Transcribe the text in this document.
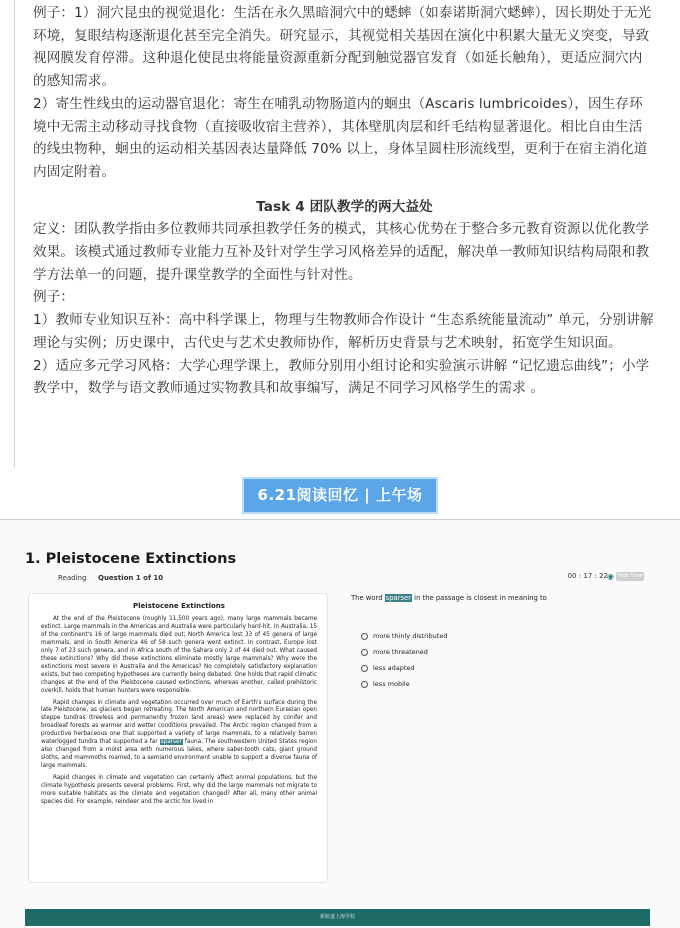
例子：1）洞穴昆虫的视觉退化：生活在永久黑暗洞穴中的蟋蟀（如泰诺斯洞穴蟋蟀），因长期处于无光环境，复眼结构逐渐退化甚至完全消失。研究显示，其视觉相关基因在演化中积累大量无义突变，导致视网膜发育停滞。这种退化使昆虫将能量资源重新分配到触觉器官发育（如延长触角），更适应洞穴内的感知需求。

2）寄生性线虫的运动器官退化：寄生在哺乳动物肠道内的蛔虫（Ascaris lumbricoides），因生存环境中无需主动移动寻找食物（直接吸收宿主营养），其体壁肌肉层和纤毛结构显著退化。相比自由生活的线虫物种，蛔虫的运动相关基因表达量降低 70% 以上，身体呈圆柱形流线型，更利于在宿主消化道内固定附着。

Task 4 团队教学的两大益处

定义：团队教学指由多位教师共同承担教学任务的模式，其核心优势在于整合多元教育资源以优化教学效果。该模式通过教师专业能力互补及针对学生学习风格差异的适配，解决单一教师知识结构局限和教学方法单一的问题，提升课堂教学的全面性与针对性。

例子：

1）教师专业知识互补：高中科学课上，物理与生物教师合作设计 “生态系统能量流动” 单元，分别讲解理论与实例；历史课中，古代史与艺术史教师协作，解析历史背景与艺术映射，拓宽学生知识面。

2）适应多元学习风格：大学心理学课上，教师分别用小组讨论和实验演示讲解 “记忆遗忘曲线”；小学教学中，数学与语文教师通过实物教具和故事编写，满足不同学习风格学生的需求 。

6.21阅读回忆 | 上午场
1. Pleistocene Extinctions
Reading Question 1 of 10	00 : 17 : 22 ◉ Hide Time
Pleistocene Extinctions

At the end of the Pleistocene (roughly 11,500 years ago), many large mammals became extinct. Large mammals in the Americas and Australia were particularly hard-hit. In Australia, 15 of the continent's 16 of large mammals died out; North America lost 33 of 45 genera of large mammals, and in South America 46 of 58 such genera went extinct. In contrast, Europe lost only 7 of 23 such genera, and in Africa south of the Sahara only 2 of 44 died out. What caused these extinctions? Why did these extinctions eliminate mostly large mammals? Why were the extinctions most severe in Australia and the Americas? No completely satisfactory explanation exists, but two competing hypotheses are currently being debated. One holds that rapid climatic changes at the end of the Pleistocene caused extinctions, whereas another, called prehistoric overkill, holds that human hunters were responsible.

Rapid changes in climate and vegetation occurred over much of Earth's surface during the late Pleistocene, as glaciers began retreating. The North American and northern Eurasian open steppe tundras (treeless and permanently frozen land areas) were replaced by conifer and broadleaf forests as warmer and wetter conditions prevailed. The Arctic region changed from a productive herbaceous one that supported a variety of large mammals, to a relatively barren waterlogged tundra that supported a far sparser fauna. The southwestern United States region also changed from a moist area with numerous lakes, where saber-tooth cats, giant ground sloths, and mammoths roamed, to a semiarid environment unable to support a diverse fauna of large mammals.

Rapid changes in climate and vegetation can certainly affect animal populations, but the climate hypothesis presents several problems. First, why did the large mammals not migrate to more suitable habitats as the climate and vegetation changed? After all, many other animal species did. For example, reindeer and the arctic fox lived in

The word sparser in the passage is closest in meaning to
more thinly distributed
more threatened
less adapted
less mobile
新航道上海学校
